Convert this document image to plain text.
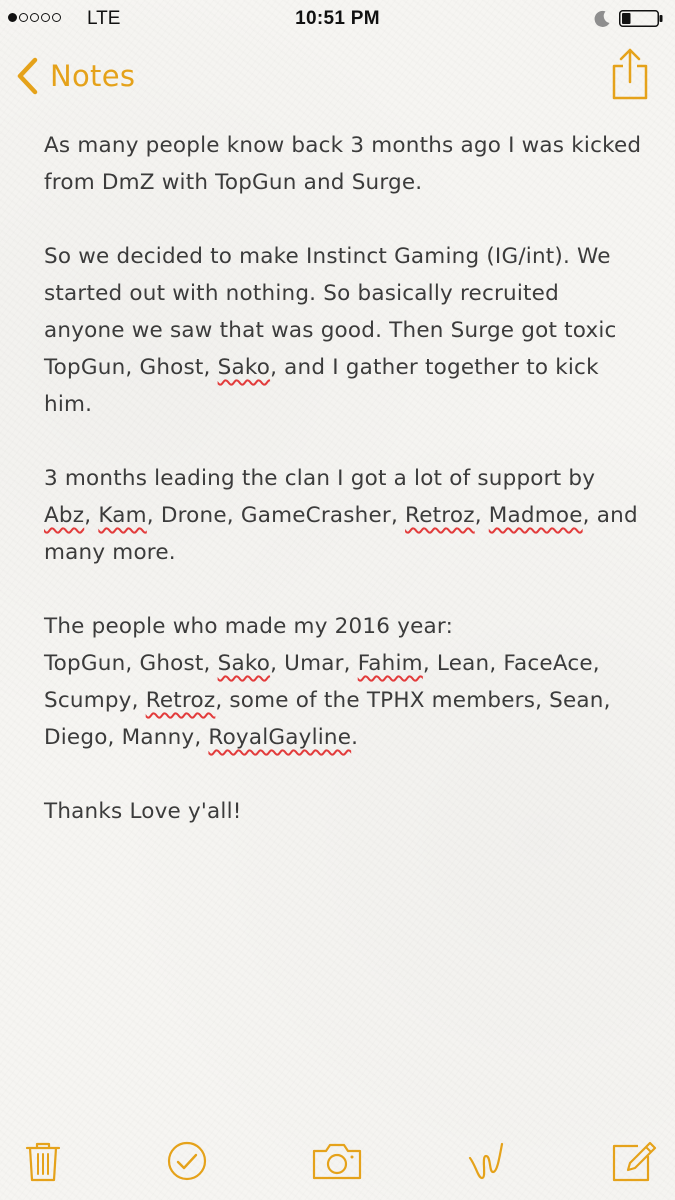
LTE	10:51 PM
Notes

As many people know back 3 months ago I was kicked from DmZ with TopGun and Surge.

So we decided to make Instinct Gaming (IG/int). We started out with nothing. So basically recruited anyone we saw that was good. Then Surge got toxic TopGun, Ghost, Sako, and I gather together to kick him.

3 months leading the clan I got a lot of support by Abz, Kam, Drone, GameCrasher, Retroz, Madmoe, and many more.

The people who made my 2016 year:
TopGun, Ghost, Sako, Umar, Fahim, Lean, FaceAce, Scumpy, Retroz, some of the TPHX members, Sean, Diego, Manny, RoyalGayline.

Thanks Love y'all!
